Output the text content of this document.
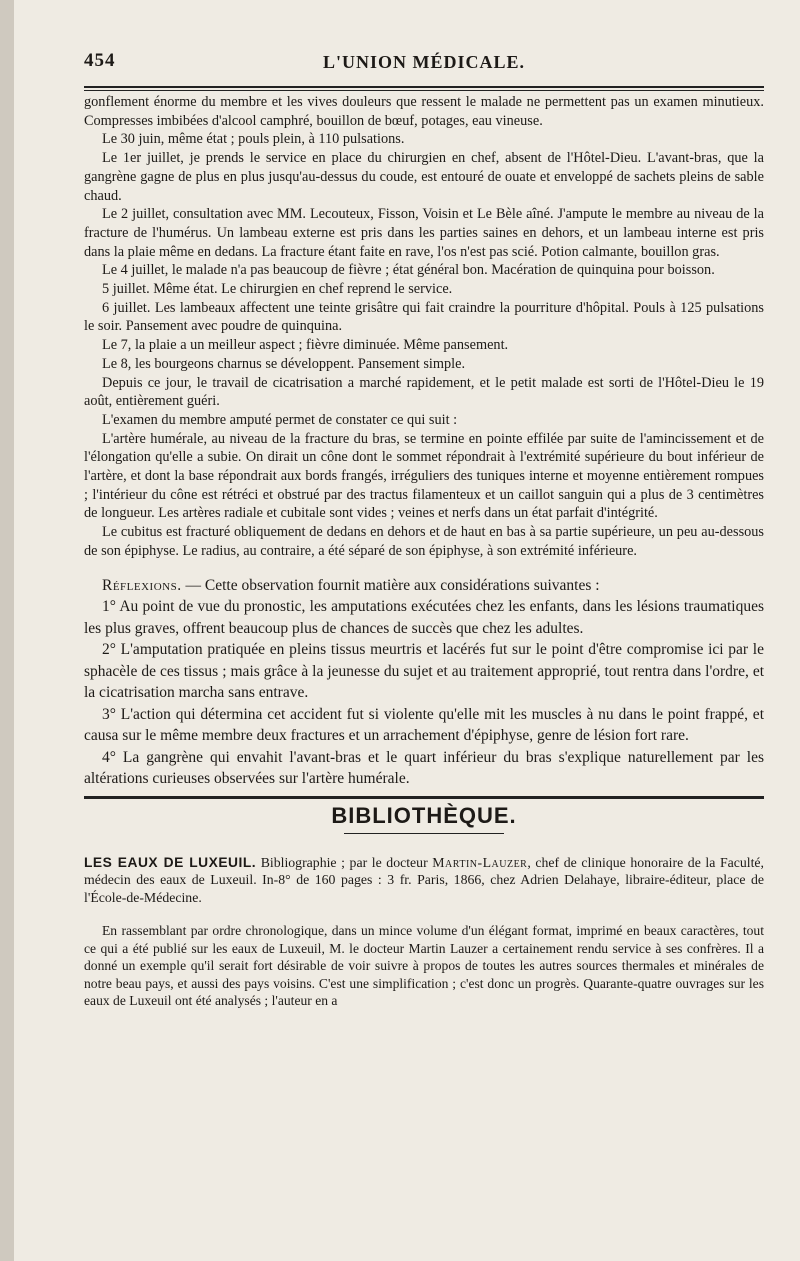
454	L'UNION MÉDICALE.

gonflement énorme du membre et les vives douleurs que ressent le malade ne permettent pas un examen minutieux. Compresses imbibées d'alcool camphré, bouillon de bœuf, potages, eau vineuse.

Le 30 juin, même état ; pouls plein, à 110 pulsations.

Le 1er juillet, je prends le service en place du chirurgien en chef, absent de l'Hôtel-Dieu. L'avant-bras, que la gangrène gagne de plus en plus jusqu'au-dessus du coude, est entouré de ouate et enveloppé de sachets pleins de sable chaud.

Le 2 juillet, consultation avec MM. Lecouteux, Fisson, Voisin et Le Bèle aîné. J'ampute le membre au niveau de la fracture de l'humérus. Un lambeau externe est pris dans les parties saines en dehors, et un lambeau interne est pris dans la plaie même en dedans. La fracture étant faite en rave, l'os n'est pas scié. Potion calmante, bouillon gras.

Le 4 juillet, le malade n'a pas beaucoup de fièvre ; état général bon. Macération de quinquina pour boisson.

5 juillet. Même état. Le chirurgien en chef reprend le service.

6 juillet. Les lambeaux affectent une teinte grisâtre qui fait craindre la pourriture d'hôpital. Pouls à 125 pulsations le soir. Pansement avec poudre de quinquina.

Le 7, la plaie a un meilleur aspect ; fièvre diminuée. Même pansement.

Le 8, les bourgeons charnus se développent. Pansement simple.

Depuis ce jour, le travail de cicatrisation a marché rapidement, et le petit malade est sorti de l'Hôtel-Dieu le 19 août, entièrement guéri.

L'examen du membre amputé permet de constater ce qui suit :

L'artère humérale, au niveau de la fracture du bras, se termine en pointe effilée par suite de l'amincissement et de l'élongation qu'elle a subie. On dirait un cône dont le sommet répondrait à l'extrémité supérieure du bout inférieur de l'artère, et dont la base répondrait aux bords frangés, irréguliers des tuniques interne et moyenne entièrement rompues ; l'intérieur du cône est rétréci et obstrué par des tractus filamenteux et un caillot sanguin qui a plus de 3 centimètres de longueur. Les artères radiale et cubitale sont vides ; veines et nerfs dans un état parfait d'intégrité.

Le cubitus est fracturé obliquement de dedans en dehors et de haut en bas à sa partie supérieure, un peu au-dessous de son épiphyse. Le radius, au contraire, a été séparé de son épiphyse, à son extrémité inférieure.

Réflexions. — Cette observation fournit matière aux considérations suivantes :

1° Au point de vue du pronostic, les amputations exécutées chez les enfants, dans les lésions traumatiques les plus graves, offrent beaucoup plus de chances de succès que chez les adultes.

2° L'amputation pratiquée en pleins tissus meurtris et lacérés fut sur le point d'être compromise ici par le sphacèle de ces tissus ; mais grâce à la jeunesse du sujet et au traitement approprié, tout rentra dans l'ordre, et la cicatrisation marcha sans entrave.

3° L'action qui détermina cet accident fut si violente qu'elle mit les muscles à nu dans le point frappé, et causa sur le même membre deux fractures et un arrachement d'épiphyse, genre de lésion fort rare.

4° La gangrène qui envahit l'avant-bras et le quart inférieur du bras s'explique naturellement par les altérations curieuses observées sur l'artère humérale.

BIBLIOTHÈQUE.
LES EAUX DE LUXEUIL. Bibliographie ; par le docteur Martin-Lauzer, chef de clinique honoraire de la Faculté, médecin des eaux de Luxeuil. In-8° de 160 pages : 3 fr. Paris, 1866, chez Adrien Delahaye, libraire-éditeur, place de l'École-de-Médecine.

En rassemblant par ordre chronologique, dans un mince volume d'un élégant format, imprimé en beaux caractères, tout ce qui a été publié sur les eaux de Luxeuil, M. le docteur Martin Lauzer a certainement rendu service à ses confrères. Il a donné un exemple qu'il serait fort désirable de voir suivre à propos de toutes les autres sources thermales et minérales de notre beau pays, et aussi des pays voisins. C'est une simplification ; c'est donc un progrès. Quarante-quatre ouvrages sur les eaux de Luxeuil ont été analysés ; l'auteur en a
